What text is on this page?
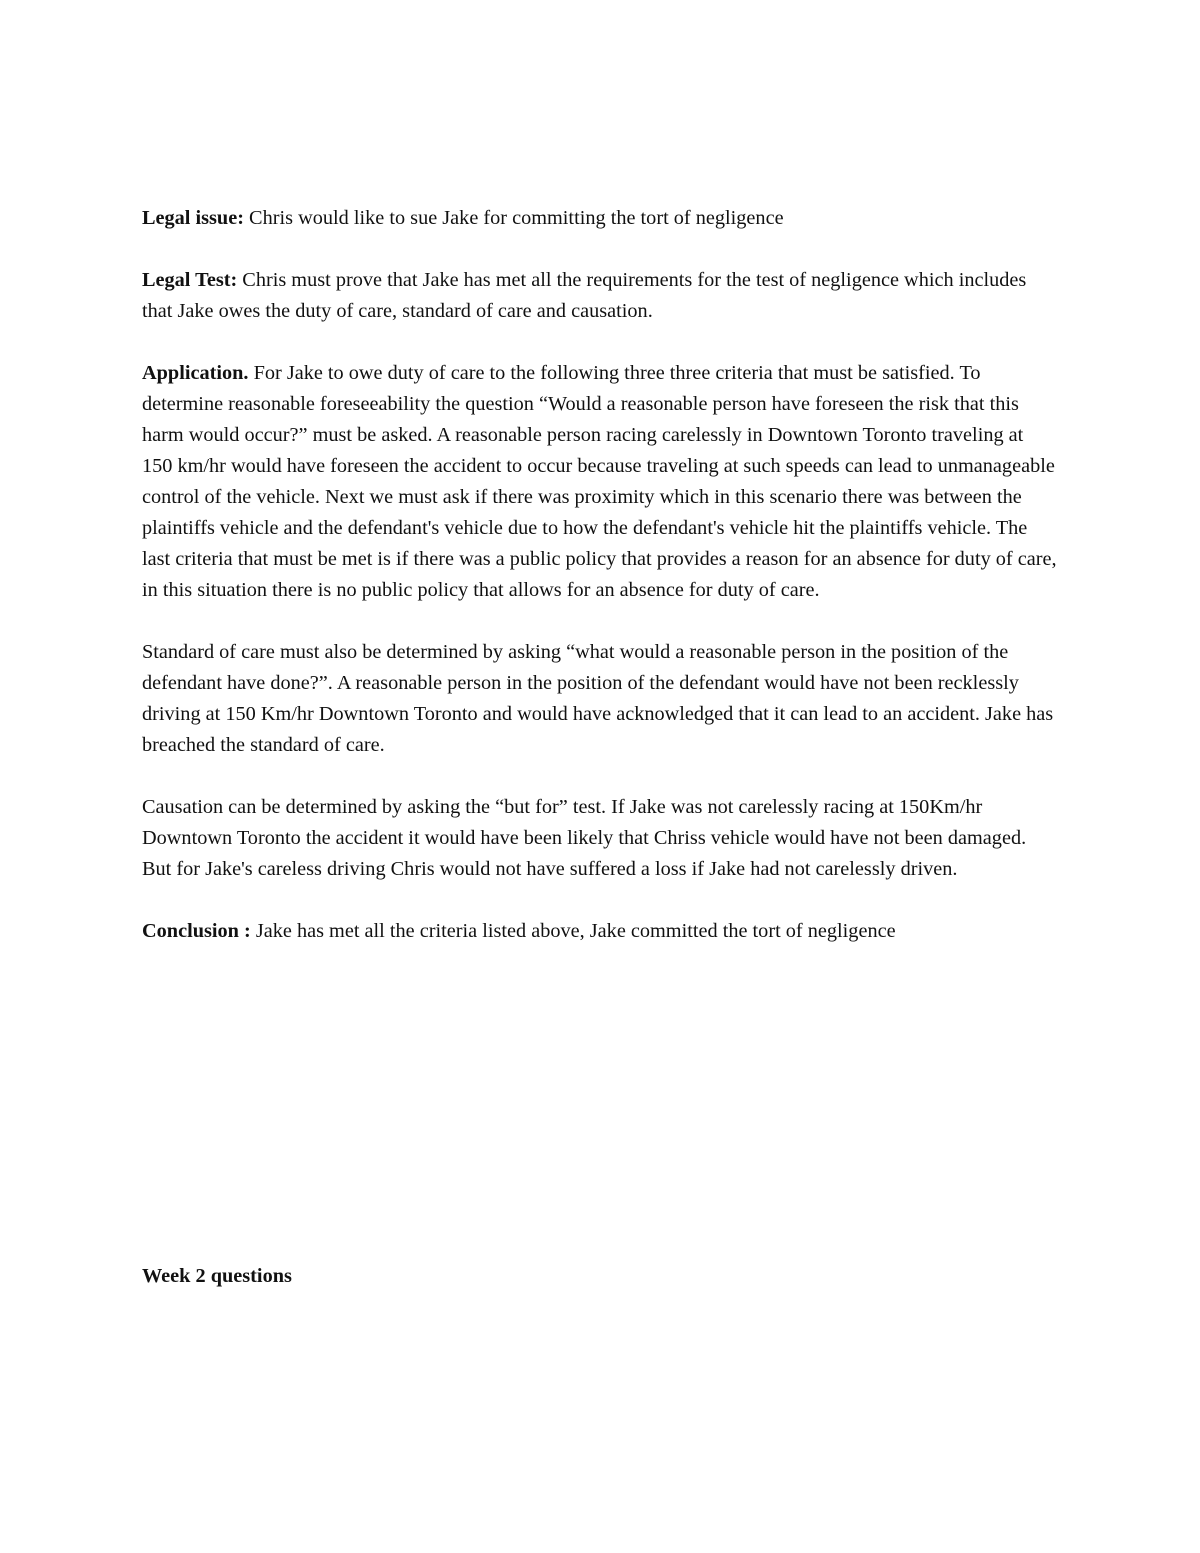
Legal issue: Chris would like to sue Jake for committing the tort of negligence

Legal Test: Chris must prove that Jake has met all the requirements for the test of negligence which includes that Jake owes the duty of care, standard of care and causation.

Application. For Jake to owe duty of care to the following three three criteria that must be satisfied. To determine reasonable foreseeability the question “Would a reasonable person have foreseen the risk that this harm would occur?” must be asked. A reasonable person racing carelessly in Downtown Toronto traveling at 150 km/hr would have foreseen the accident to occur because traveling at such speeds can lead to unmanageable control of the vehicle. Next we must ask if there was proximity which in this scenario there was between the plaintiffs vehicle and the defendant's vehicle due to how the defendant's vehicle hit the plaintiffs vehicle. The last criteria that must be met is if there was a public policy that provides a reason for an absence for duty of care, in this situation there is no public policy that allows for an absence for duty of care.

Standard of care must also be determined by asking “what would a reasonable person in the position of the defendant have done?”. A reasonable person in the position of the defendant would have not been recklessly driving at 150 Km/hr Downtown Toronto and would have acknowledged that it can lead to an accident. Jake has breached the standard of care.

Causation can be determined by asking the “but for” test. If Jake was not carelessly racing at 150Km/hr Downtown Toronto the accident it would have been likely that Chriss vehicle would have not been damaged. But for Jake's careless driving Chris would not have suffered a loss if Jake had not carelessly driven.

Conclusion : Jake has met all the criteria listed above, Jake committed the tort of negligence

Week 2 questions
